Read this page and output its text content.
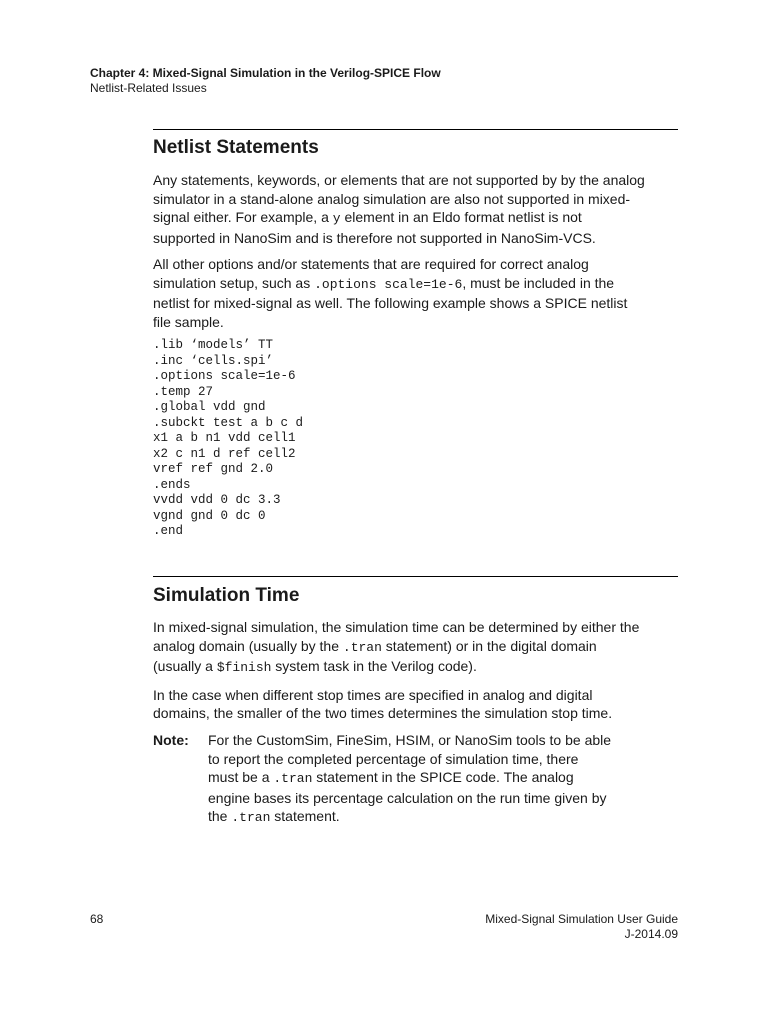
Chapter 4: Mixed-Signal Simulation in the Verilog-SPICE Flow
Netlist-Related Issues
Netlist Statements

Any statements, keywords, or elements that are not supported by by the analog
simulator in a stand-alone analog simulation are also not supported in mixed-
signal either. For example, a y element in an Eldo format netlist is not
supported in NanoSim and is therefore not supported in NanoSim-VCS.

All other options and/or statements that are required for correct analog
simulation setup, such as .options scale=1e-6, must be included in the
netlist for mixed-signal as well. The following example shows a SPICE netlist
file sample.

.lib ‘models’ TT
.inc ‘cells.spi’
.options scale=1e-6
.temp 27
.global vdd gnd
.subckt test a b c d
x1 a b n1 vdd cell1
x2 c n1 d ref cell2
vref ref gnd 2.0
.ends
vvdd vdd 0 dc 3.3
vgnd gnd 0 dc 0
.end
Simulation Time

In mixed-signal simulation, the simulation time can be determined by either the
analog domain (usually by the .tran statement) or in the digital domain
(usually a $finish system task in the Verilog code).

In the case when different stop times are specified in analog and digital
domains, the smaller of the two times determines the simulation stop time.

Note: For the CustomSim, FineSim, HSIM, or NanoSim tools to be able
to report the completed percentage of simulation time, there
must be a .tran statement in the SPICE code. The analog
engine bases its percentage calculation on the run time given by
the .tran statement.
68	Mixed-Signal Simulation User Guide
J-2014.09
